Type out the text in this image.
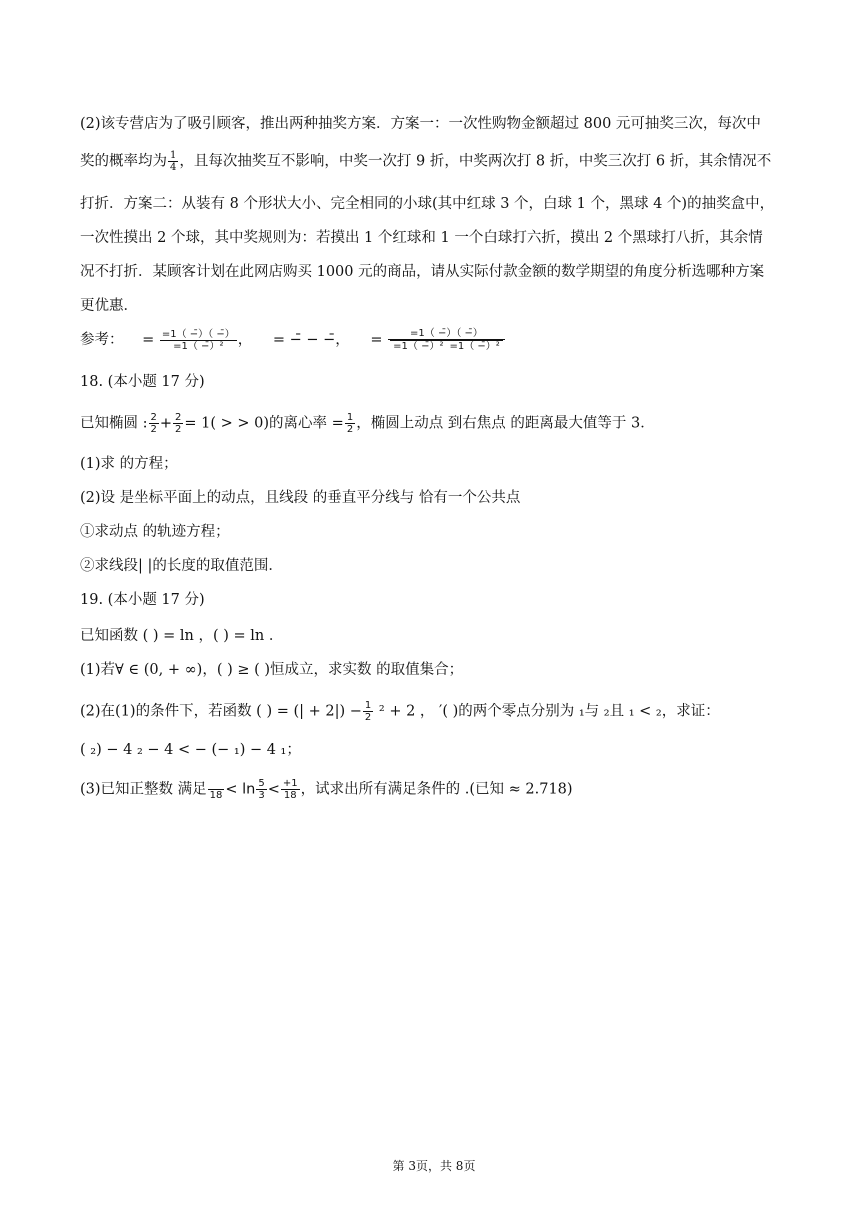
(2)该专营店为了吸引顾客，推出两种抽奖方案．方案一：一次性购物金额超过 800 元可抽奖三次，每次中
奖的概率均为 $\frac{1}{4}$ ，且每次抽奖互不影响，中奖一次打 9 折，中奖两次打 8 折，中奖三次打 6 折，其余情况不
打折．方案二：从装有 8 个形状大小、完全相同的小球(其中红球 3 个，白球 1 个，黑球 4 个)的抽奖盒中，
一次性摸出 2 个球，其中奖规则为：若摸出 1 个红球和 1 一个白球打六折，摸出 2 个黑球打八折，其余情
况不打折．某顾客计划在此网店购买 1000 元的商品，请从实际付款金额的数学期望的角度分析选哪种方案
更优惠．
参考： = $\frac{=1( -̄)( -̄)}{\text{=1（ −̄）²}}$ ， = −̄ − −̄， = $\frac{=1( -̄)( -̄)}{\text{=1（ −̄）² =1（ −̄）²}}$
18. (本小题 17 分)
已知椭圆 : $\frac{2}{2} + \frac{2}{2} = 1$( > > 0)的离心率 = $\frac{1}{2}$ ，椭圆上动点 到右焦点 的距离最大值等于 3．
(1)求 的方程；
(2)设 是坐标平面上的动点，且线段 的垂直平分线与 恰有一个公共点
①求动点 的轨迹方程；
②求线段| |的长度的取值范围．
19. (本小题 17 分)
已知函数 ( ) = ln ，( ) = ln ．
(1)若∀ ∈ (0, + ∞)，( ) ≥ ( )恒成立，求实数 的取值集合；
(2)在(1)的条件下，若函数 ( ) = (| + $2|) - \frac{1}{2} ^2 + 2$ ， ′( )的两个零点分别为 ₁与 ₂且 ₁ < ₂，求证：
( ₂) − 4 ₂ − 4 < − (− ₁) − 4 ₁；
(3)已知正整数 满足
$18 < \ln \frac{5}{3} < \frac{+1}{18}$ ，试求出所有满足条件的 .(已知 ≈ 2.718)
第 3页，共 8页
